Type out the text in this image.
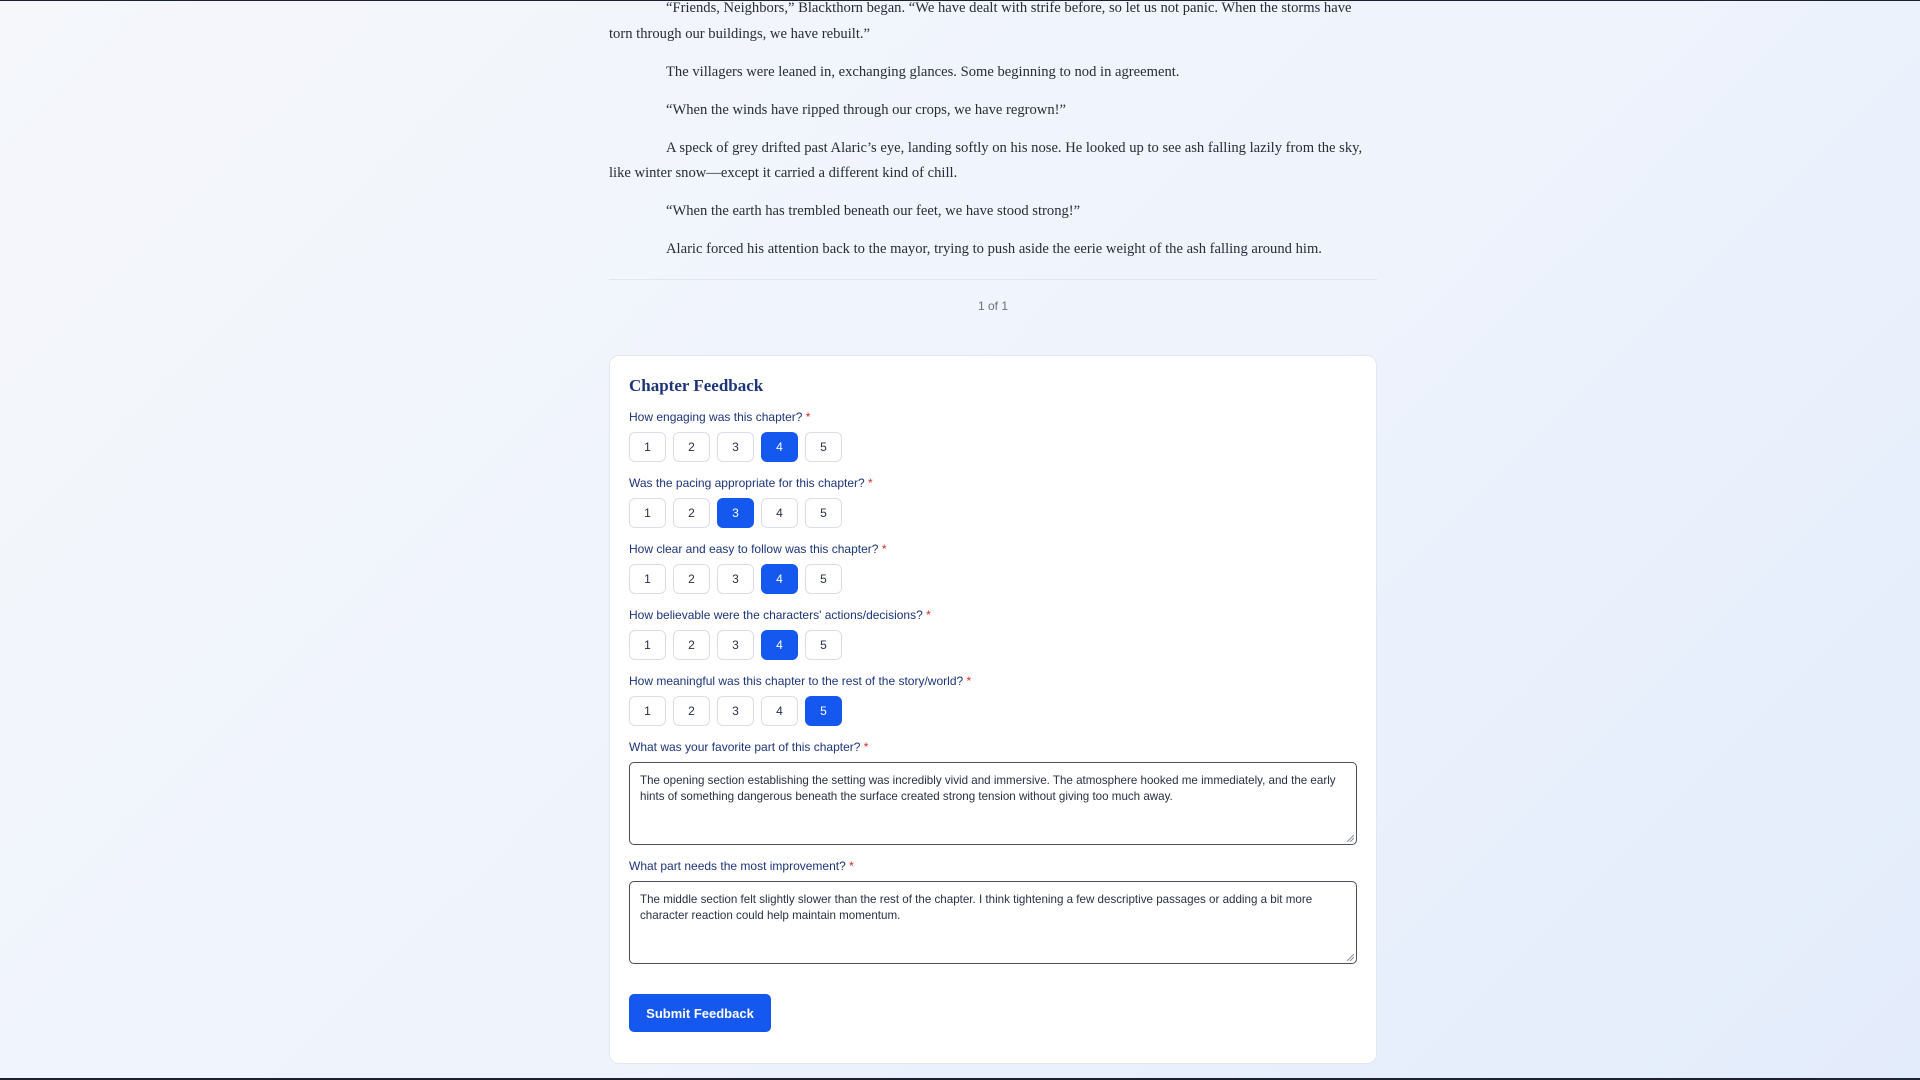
“Friends, Neighbors,” Blackthorn began. “We have dealt with strife before, so let us not panic. When the storms have torn through our buildings, we have rebuilt.”

The villagers were leaned in, exchanging glances. Some beginning to nod in agreement.

“When the winds have ripped through our crops, we have regrown!”

A speck of grey drifted past Alaric’s eye, landing softly on his nose. He looked up to see ash falling lazily from the sky, like winter snow—except it carried a different kind of chill.

“When the earth has trembled beneath our feet, we have stood strong!”

Alaric forced his attention back to the mayor, trying to push aside the eerie weight of the ash falling around him.

1 of 1
Chapter Feedback
How engaging was this chapter? *
1	2	3	4	5
Was the pacing appropriate for this chapter? *
1	2	3	4	5
How clear and easy to follow was this chapter? *
1	2	3	4	5
How believable were the characters' actions/decisions? *
1	2	3	4	5
How meaningful was this chapter to the rest of the story/world? *
1	2	3	4	5
What was your favorite part of this chapter? *
The opening section establishing the setting was incredibly vivid and immersive. The atmosphere hooked me immediately, and the early hints of something dangerous beneath the surface created strong tension without giving too much away.
What part needs the most improvement? *
The middle section felt slightly slower than the rest of the chapter. I think tightening a few descriptive passages or adding a bit more character reaction could help maintain momentum.
Submit Feedback
